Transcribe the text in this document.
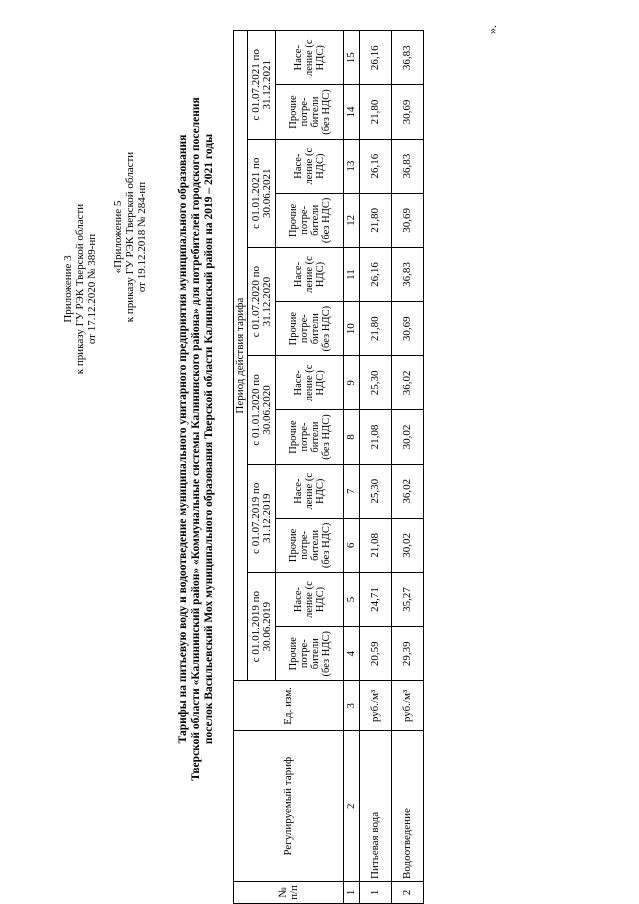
Приложение 3 к приказу ГУ РЭК Тверской области от 17.12.2020 № 389-нп «Приложение 5 к приказу ГУ РЭК Тверской области от 19.12.2018 № 284-нп	Тарифы на питьевую воду и водоотведение муниципального унитарного предприятия муниципального образования Тверской области «Калининский район» «Коммунальные системы Калининского района» для потребителей городского поселения поселок Васильевский Мох муниципального образования Тверской области Калининский район на 2019 – 2021 годы
№ п/п	Регулируемый тариф	Ед. изм.	Период действия тарифа											
			с 01.01.2019 по 30.06.2019		с 01.07.2019 по 31.12.2019		с 01.01.2020 по 30.06.2020		с 01.07.2020 по 31.12.2020		с 01.01.2021 по 30.06.2021		с 01.07.2021 по 31.12.2021	
			Прочие потре-бители (без НДС)	Насе-ление (с НДС)	Прочие потре-бители (без НДС)	Насе-ление (с НДС)	Прочие потре-бители (без НДС)	Насе-ление (с НДС)	Прочие потре-бители (без НДС)	Насе-ление (с НДС)	Прочие потре-бители (без НДС)	Насе-ление (с НДС)	Прочие потре-бители (без НДС)	Насе-ление (с НДС)
1	2	3	4	5	6	7	8	9	10	11	12	13	14	15
1	Питьевая вода	руб./м³	20,59	24,71	21,08	25,30	21,08	25,30	21,80	26,16	21,80	26,16	21,80	26,16
2	Водоотведение	руб./м³	29,39	35,27	30,02	36,02	30,02	36,02	30,69	36,83	30,69	36,83	30,69	36,83
».
